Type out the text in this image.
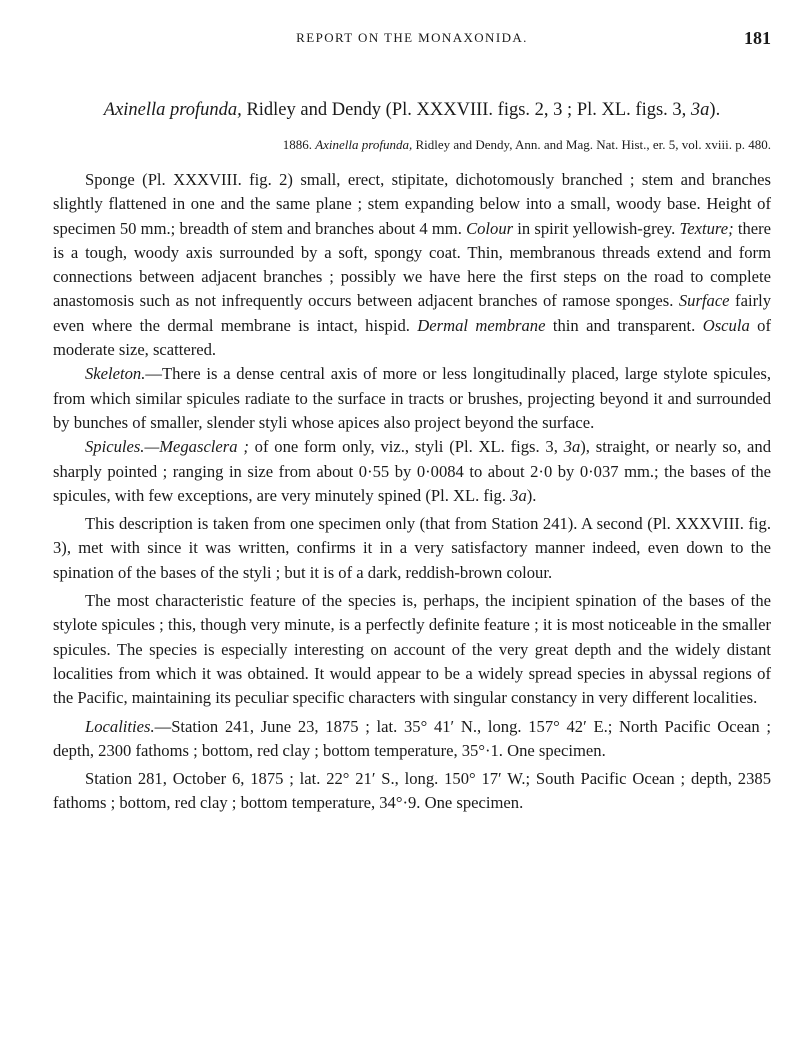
REPORT ON THE MONAXONIDA.	181
Axinella profunda, Ridley and Dendy (Pl. XXXVIII. figs. 2, 3 ; Pl. XL. figs. 3, 3a).
1886. Axinella profunda, Ridley and Dendy, Ann. and Mag. Nat. Hist., er. 5, vol. xviii. p. 480.

Sponge (Pl. XXXVIII. fig. 2) small, erect, stipitate, dichotomously branched ; stem and branches slightly flattened in one and the same plane ; stem expanding below into a small, woody base. Height of specimen 50 mm.; breadth of stem and branches about 4 mm. Colour in spirit yellowish-grey. Texture; there is a tough, woody axis surrounded by a soft, spongy coat. Thin, membranous threads extend and form connections between adjacent branches ; possibly we have here the first steps on the road to complete anastomosis such as not infrequently occurs between adjacent branches of ramose sponges. Surface fairly even where the dermal membrane is intact, hispid. Dermal membrane thin and transparent. Oscula of moderate size, scattered.

Skeleton.—There is a dense central axis of more or less longitudinally placed, large stylote spicules, from which similar spicules radiate to the surface in tracts or brushes, projecting beyond it and surrounded by bunches of smaller, slender styli whose apices also project beyond the surface.

Spicules.—Megasclera ; of one form only, viz., styli (Pl. XL. figs. 3, 3a), straight, or nearly so, and sharply pointed ; ranging in size from about 0·55 by 0·0084 to about 2·0 by 0·037 mm.; the bases of the spicules, with few exceptions, are very minutely spined (Pl. XL. fig. 3a).

This description is taken from one specimen only (that from Station 241). A second (Pl. XXXVIII. fig. 3), met with since it was written, confirms it in a very satisfactory manner indeed, even down to the spination of the bases of the styli ; but it is of a dark, reddish-brown colour.

The most characteristic feature of the species is, perhaps, the incipient spination of the bases of the stylote spicules ; this, though very minute, is a perfectly definite feature ; it is most noticeable in the smaller spicules. The species is especially interesting on account of the very great depth and the widely distant localities from which it was obtained. It would appear to be a widely spread species in abyssal regions of the Pacific, maintaining its peculiar specific characters with singular constancy in very different localities.

Localities.—Station 241, June 23, 1875 ; lat. 35° 41′ N., long. 157° 42′ E.; North Pacific Ocean ; depth, 2300 fathoms ; bottom, red clay ; bottom temperature, 35°·1. One specimen.

Station 281, October 6, 1875 ; lat. 22° 21′ S., long. 150° 17′ W.; South Pacific Ocean ; depth, 2385 fathoms ; bottom, red clay ; bottom temperature, 34°·9. One specimen.
